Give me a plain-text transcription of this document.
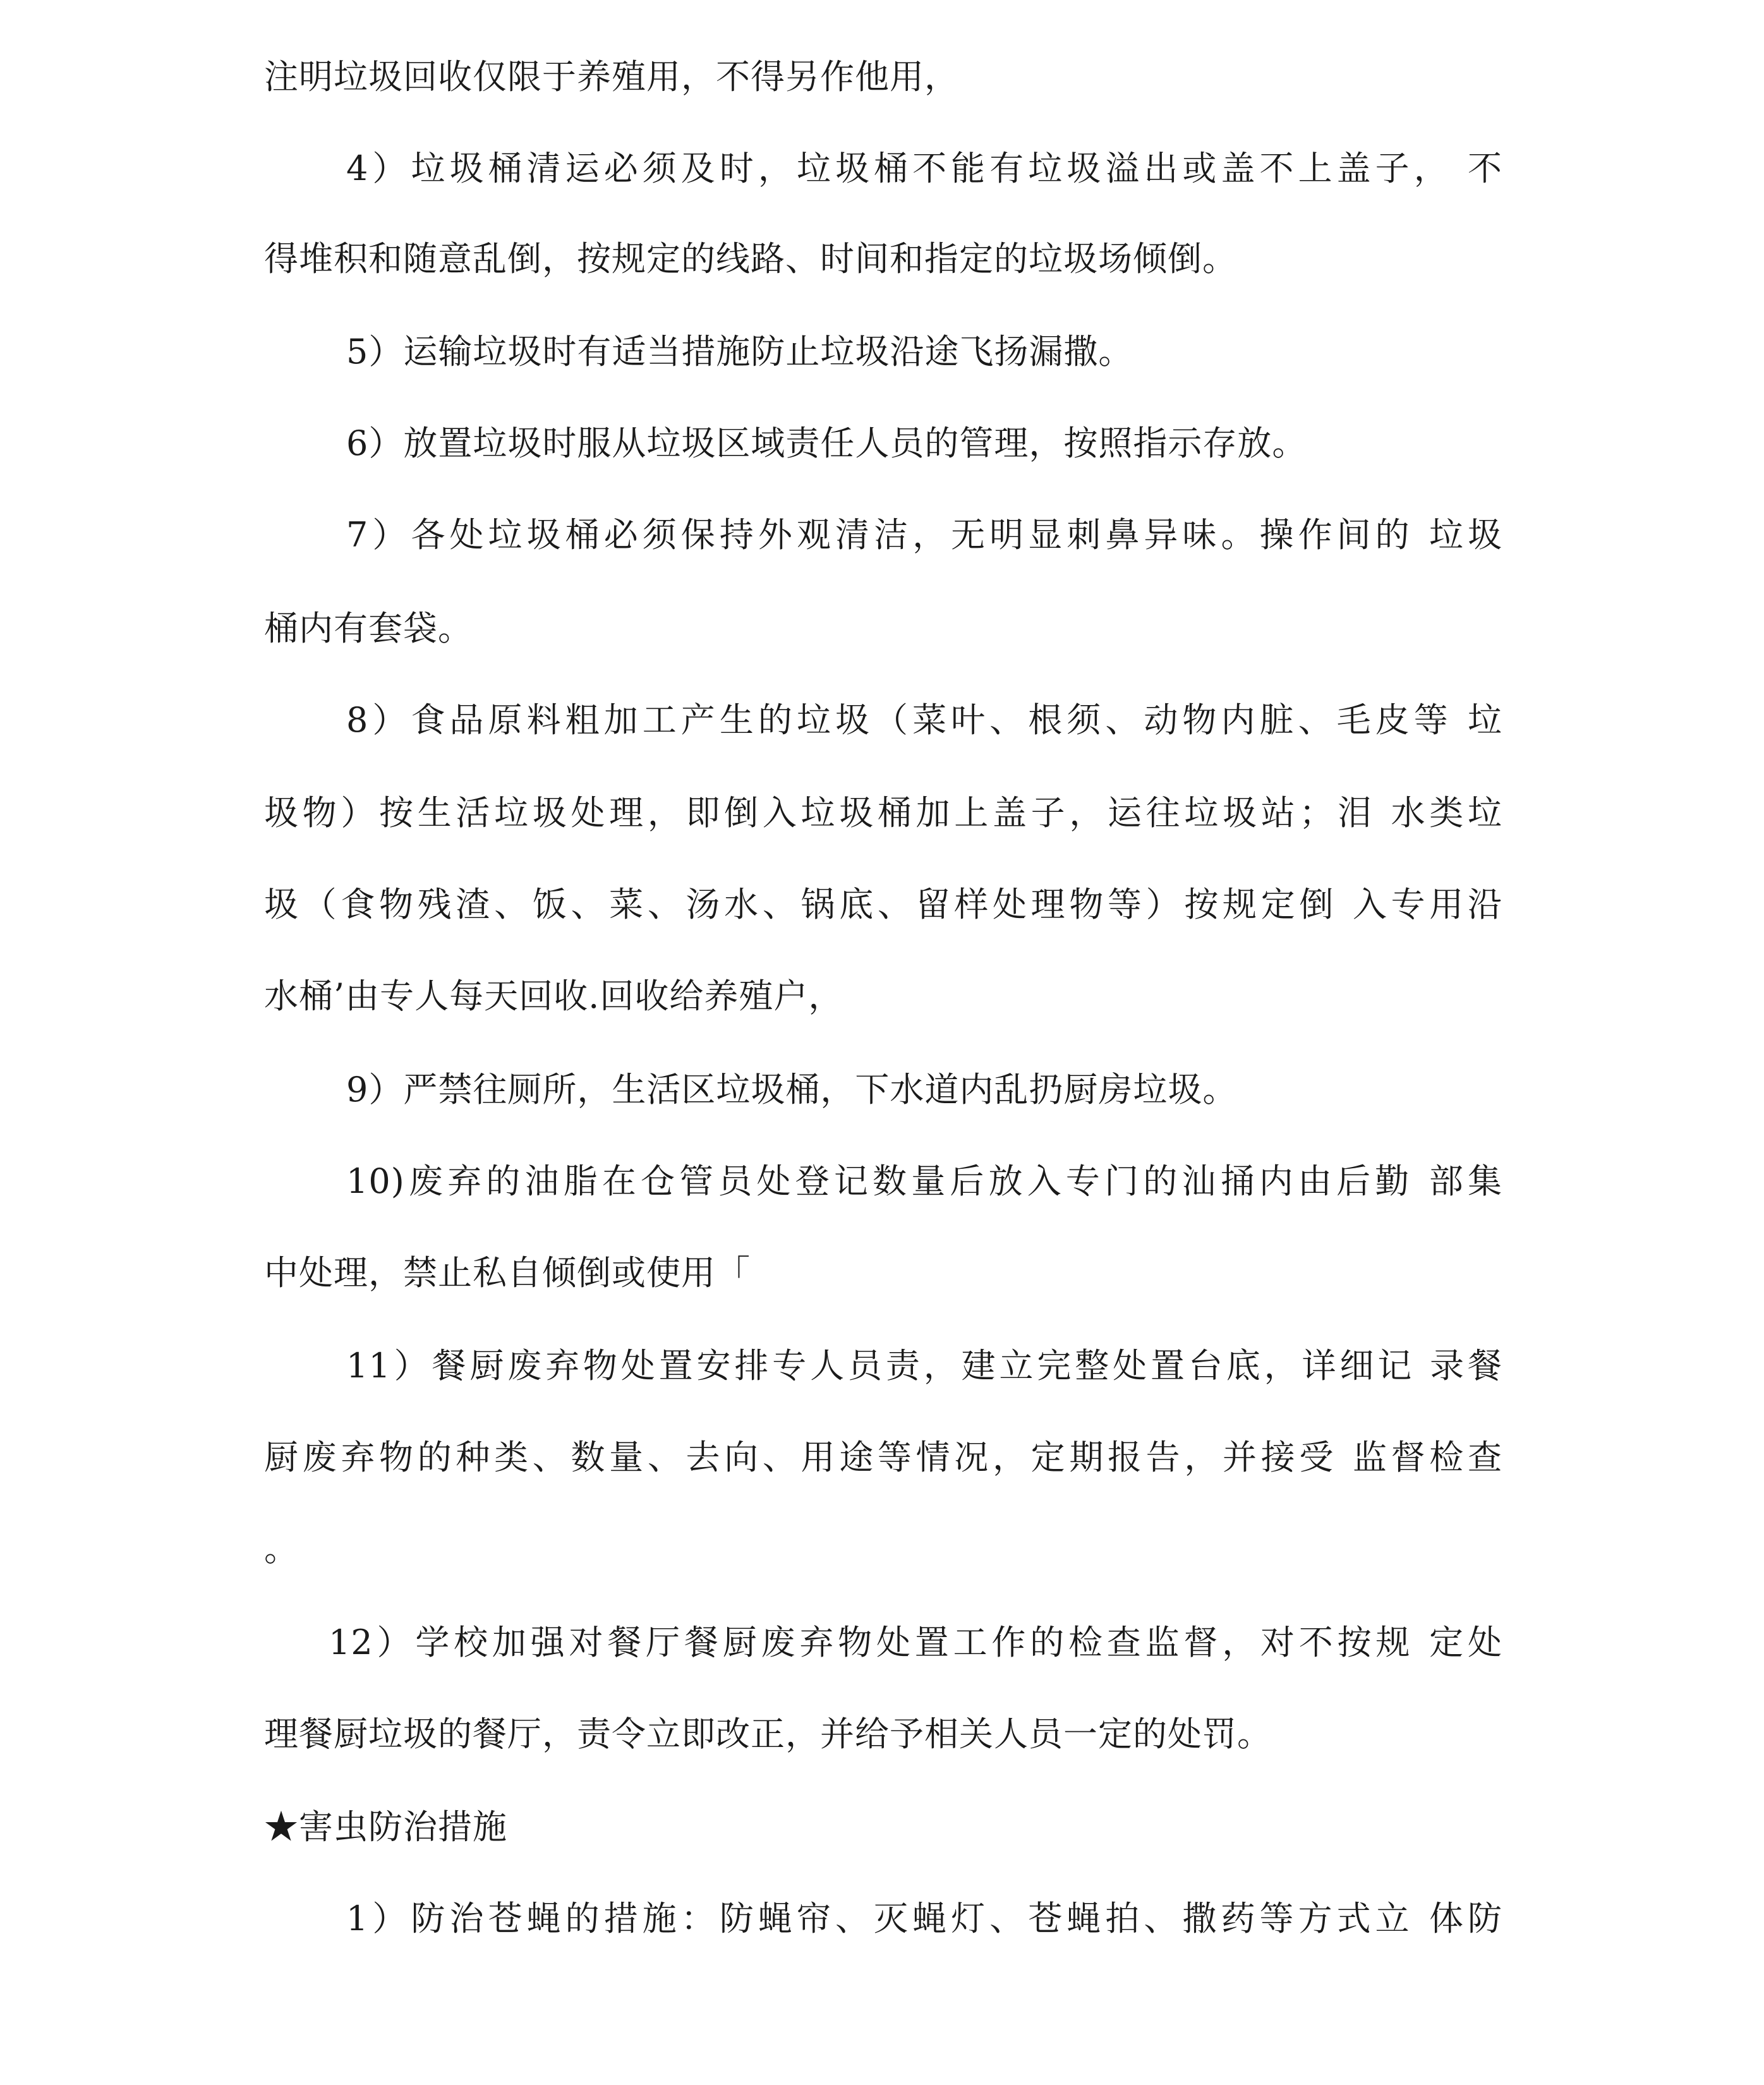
注明垃圾回收仅限于养殖用，不得另作他用，
4）垃圾桶清运必须及时，垃圾桶不能有垃圾溢出或盖不上盖子， 不
得堆积和随意乱倒，按规定的线路、时间和指定的垃圾场倾倒。
5）运输垃圾时有适当措施防止垃圾沿途飞扬漏撒。
6）放置垃圾时服从垃圾区域责任人员的管理，按照指示存放。
7）各处垃圾桶必须保持外观清洁，无明显刺鼻异味。操作间的 垃圾
桶内有套袋。
8）食品原料粗加工产生的垃圾（菜叶、根须、动物内脏、毛皮等 垃
圾物）按生活垃圾处理，即倒入垃圾桶加上盖子，运往垃圾站；泪 水类垃
圾（食物残渣、饭、菜、汤水、锅底、留样处理物等）按规定倒 入专用沿
水桶’由专人每天回收.回收给养殖户，
9）严禁往厕所，生活区垃圾桶，下水道内乱扔厨房垃圾。
10)废弃的油脂在仓管员处登记数量后放入专门的汕捅内由后勤 部集
中处理，禁止私自倾倒或使用「
11）餐厨废弃物处置安排专人员责，建立完整处置台底，详细记 录餐
厨废弃物的种类、数量、去向、用途等情况，定期报告，并接受 监督检查
。
12）学校加强对餐厅餐厨废弃物处置工作的检查监督，对不按规 定处
理餐厨垃圾的餐厅，责令立即改正，并给予相关人员一定的处罚。
★害虫防治措施
1）防治苍蝇的措施：防蝇帘、灭蝇灯、苍蝇拍、撒药等方式立 体防
